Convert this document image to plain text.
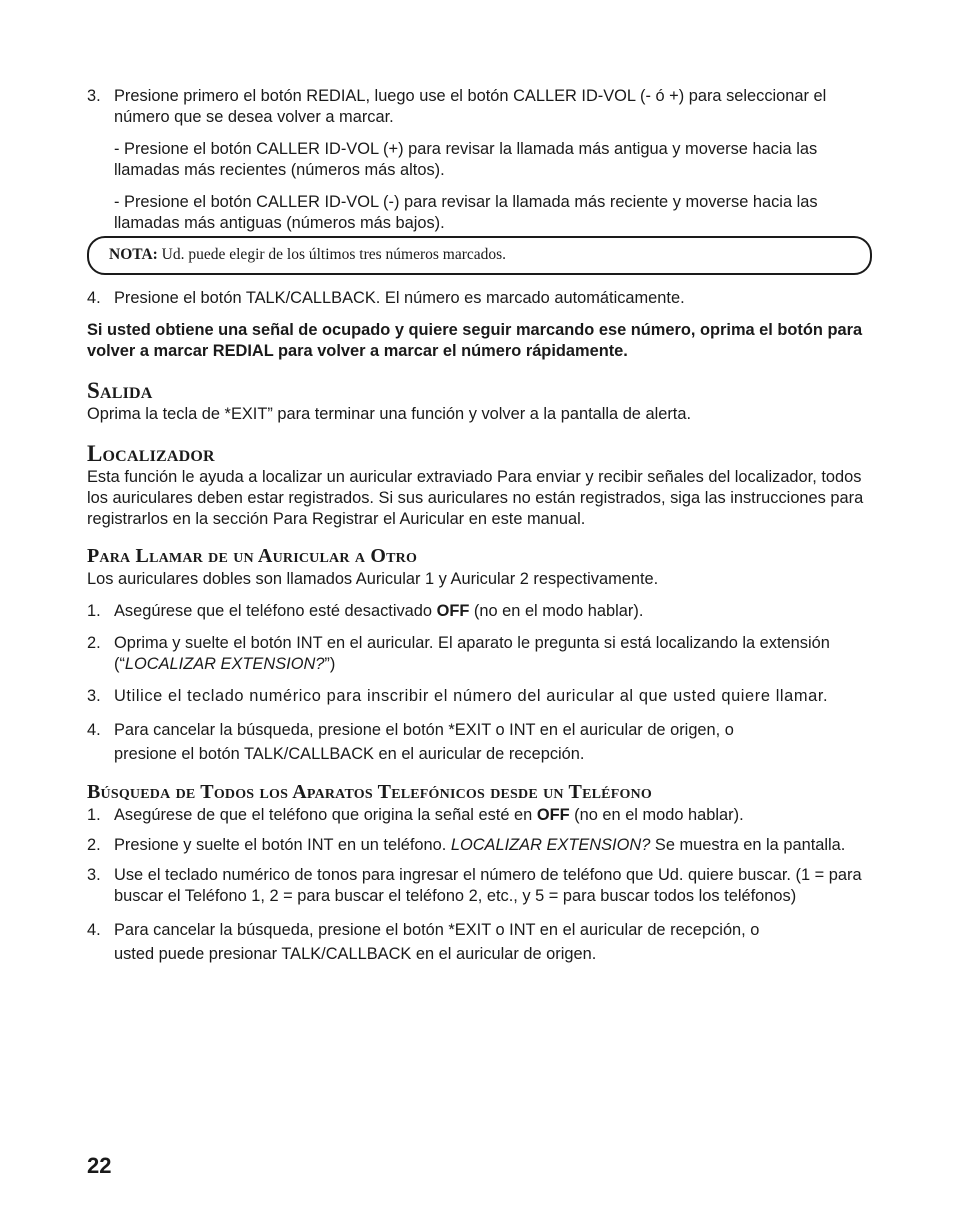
3. Presione primero el botón REDIAL, luego use el botón CALLER ID-VOL (- ó +) para seleccionar el número que se desea volver a marcar.
- Presione el botón CALLER ID-VOL (+) para revisar la llamada más antigua y moverse hacia las llamadas más recientes (números más altos).
- Presione el botón CALLER ID-VOL (-) para revisar la llamada más reciente y moverse hacia las llamadas más antiguas (números más bajos).
NOTA: Ud. puede elegir de los últimos tres números marcados.
4. Presione el botón TALK/CALLBACK. El número es marcado automáticamente.
Si usted obtiene una señal de ocupado y quiere seguir marcando ese número, oprima el botón para volver a marcar REDIAL para volver a marcar el número rápidamente.
Salida
Oprima la tecla de *EXIT” para terminar una función y volver a la pantalla de alerta.
Localizador
Esta función le ayuda a localizar un auricular extraviado Para enviar y recibir señales del localizador, todos los auriculares deben estar registrados. Si sus auriculares no están registrados, siga las instrucciones para registrarlos en la sección Para Registrar el Auricular en este manual.
Para Llamar de un Auricular a Otro
Los auriculares dobles son llamados Auricular 1 y Auricular 2 respectivamente.
1. Asegúrese que el teléfono esté desactivado OFF (no en el modo hablar).
2. Oprima y suelte el botón INT en el auricular. El aparato le pregunta si está localizando la extensión (“LOCALIZAR EXTENSION?”)
3. Utilice el teclado numérico para inscribir el número del auricular al que usted quiere llamar.
4. Para cancelar la búsqueda, presione el botón *EXIT o INT en el auricular de origen, o
presione el botón TALK/CALLBACK en el auricular de recepción.
Búsqueda de Todos los Aparatos Telefónicos desde un Teléfono
1. Asegúrese de que el teléfono que origina la señal esté en OFF (no en el modo hablar).
2. Presione y suelte el botón INT en un teléfono. LOCALIZAR EXTENSION? Se muestra en la pantalla.
3. Use el teclado numérico de tonos para ingresar el número de teléfono que Ud. quiere buscar. (1 = para buscar el Teléfono 1, 2 = para buscar el teléfono 2, etc., y 5 = para buscar todos los teléfonos)
4. Para cancelar la búsqueda, presione el botón *EXIT o INT en el auricular de recepción, o
usted puede presionar TALK/CALLBACK en el auricular de origen.
22
